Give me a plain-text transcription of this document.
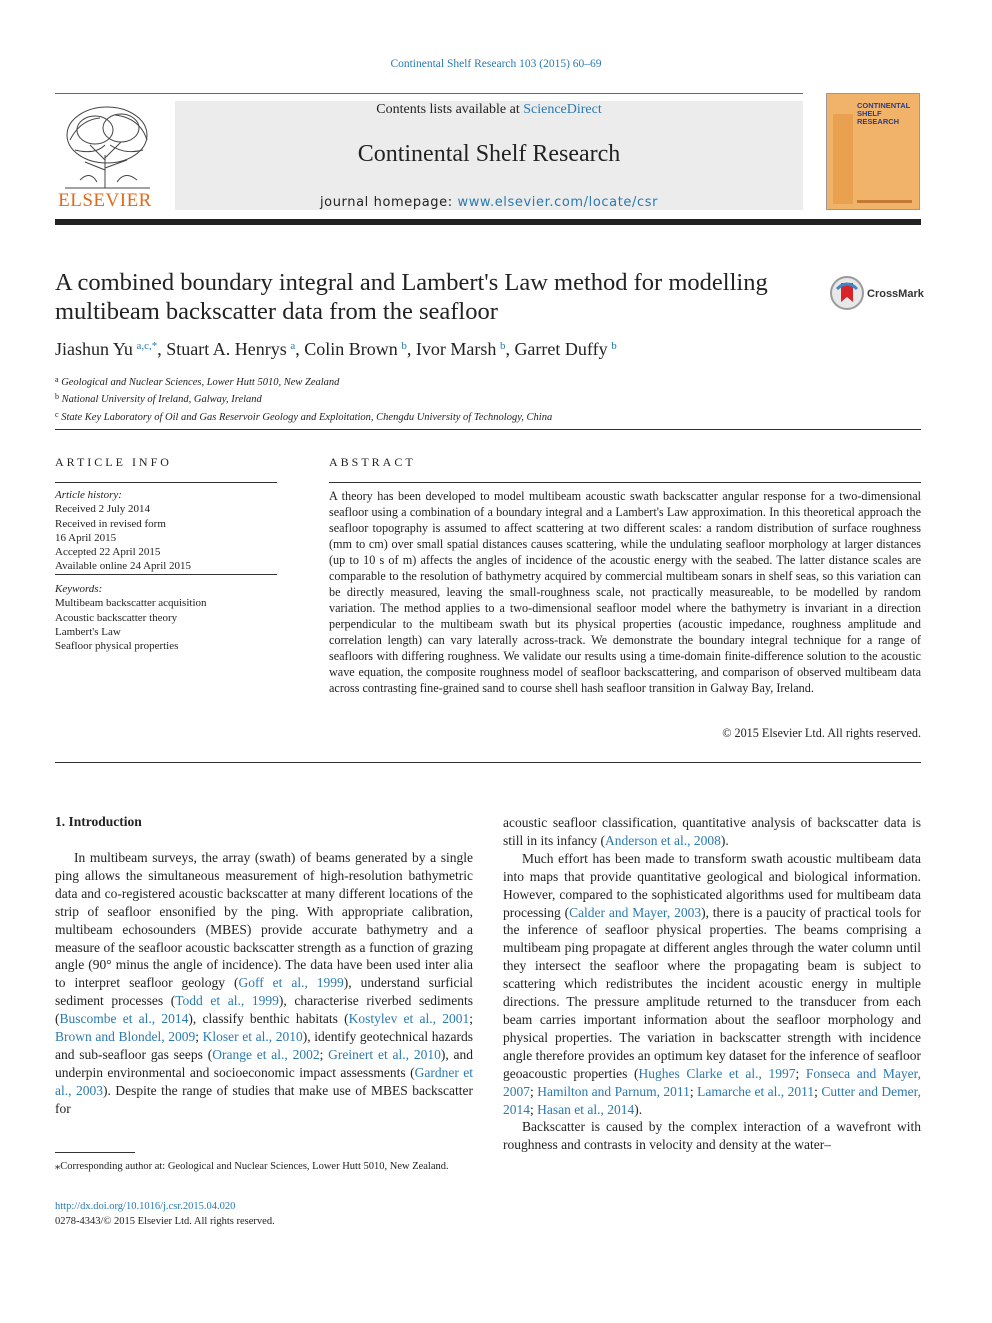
Continental Shelf Research 103 (2015) 60–69
ELSEVIER
Contents lists available at ScienceDirect
Continental Shelf Research
journal homepage: www.elsevier.com/locate/csr
CONTINENTAL SHELF RESEARCH
A combined boundary integral and Lambert's Law method for modelling multibeam backscatter data from the seafloor
CrossMark
Jiashun Yu  $^{a,c,*}$, Stuart A. Henrys  $^a$, Colin Brown  $^b$, Ivor Marsh  $^b$, Garret Duffy  $^b$
$^a$ Geological and Nuclear Sciences, Lower Hutt 5010, New Zealand
$^b$ National University of Ireland, Galway, Ireland
$^c$ State Key Laboratory of Oil and Gas Reservoir Geology and Exploitation, Chengdu University of Technology, China
ARTICLE INFO
Article history:
Received 2 July 2014
Received in revised form
16 April 2015
Accepted 22 April 2015
Available online 24 April 2015
Keywords:
Multibeam backscatter acquisition
Acoustic backscatter theory
Lambert's Law
Seafloor physical properties
ABSTRACT
A theory has been developed to model multibeam acoustic swath backscatter angular response for a two-dimensional seafloor using a combination of a boundary integral and a Lambert's Law approximation. In this theoretical approach the seafloor topography is assumed to affect scattering at two different scales: a random distribution of surface roughness (mm to cm) over small spatial distances causes scattering, while the undulating seafloor morphology at larger distances (up to 10 s of m) affects the angles of incidence of the acoustic energy with the seabed. The latter distance scales are comparable to the resolution of bathymetry acquired by commercial multibeam sonars in shelf seas, so this variation can be directly measured, leaving the small-roughness scale, not practically measureable, to be modelled by random variation. The method applies to a two-dimensional seafloor model where the bathymetry is invariant in a direction perpendicular to the multibeam swath but its physical properties (acoustic impedance, roughness amplitude and correlation length) can vary laterally across-track. We demonstrate the boundary integral technique for a range of seafloors with differing roughness. We validate our results using a time-domain finite-difference solution to the acoustic wave equation, the composite roughness model of seafloor backscattering, and comparison of observed multibeam data across contrasting fine-grained sand to course shell hash seafloor transition in Galway Bay, Ireland.
© 2015 Elsevier Ltd. All rights reserved.
1. Introduction

In multibeam surveys, the array (swath) of beams generated by a single ping allows the simultaneous measurement of high-resolution bathymetric data and co-registered acoustic backscatter at many different locations of the strip of seafloor ensonified by the ping. With appropriate calibration, multibeam echosounders (MBES) provide accurate bathymetry and a measure of the seafloor acoustic backscatter strength as a function of grazing angle (90° minus the angle of incidence). The data have been used inter alia to interpret seafloor geology (Goff et al., 1999), understand surficial sediment processes (Todd et al., 1999), characterise riverbed sediments (Buscombe et al., 2014), classify benthic habitats (Kostylev et al., 2001; Brown and Blondel, 2009; Kloser et al., 2010), identify geotechnical hazards and sub-seafloor gas seeps (Orange et al., 2002; Greinert et al., 2010), and underpin environmental and socioeconomic impact assessments (Gardner et al., 2003). Despite the range of studies that make use of MBES backscatter for

acoustic seafloor classification, quantitative analysis of backscatter data is still in its infancy (Anderson et al., 2008).

Much effort has been made to transform swath acoustic multibeam data into maps that provide quantitative geological and biological information. However, compared to the sophisticated algorithms used for multibeam data processing (Calder and Mayer, 2003), there is a paucity of practical tools for the inference of seafloor physical properties. The beams comprising a multibeam ping propagate at different angles through the water column until they intersect the seafloor where the propagating beam is subject to scattering which redistributes the incident acoustic energy in multiple directions. The pressure amplitude returned to the transducer from each beam carries important information about the seafloor morphology and physical properties. The variation in backscatter strength with incidence angle therefore provides an optimum key dataset for the inference of seafloor geoacoustic properties (Hughes Clarke et al., 1997; Fonseca and Mayer, 2007; Hamilton and Parnum, 2011; Lamarche et al., 2011; Cutter and Demer, 2014; Hasan et al., 2014).

Backscatter is caused by the complex interaction of a wavefront with roughness and contrasts in velocity and density at the water–

⁎Corresponding author at: Geological and Nuclear Sciences, Lower Hutt 5010, New Zealand.
http://dx.doi.org/10.1016/j.csr.2015.04.020
0278-4343/© 2015 Elsevier Ltd. All rights reserved.
